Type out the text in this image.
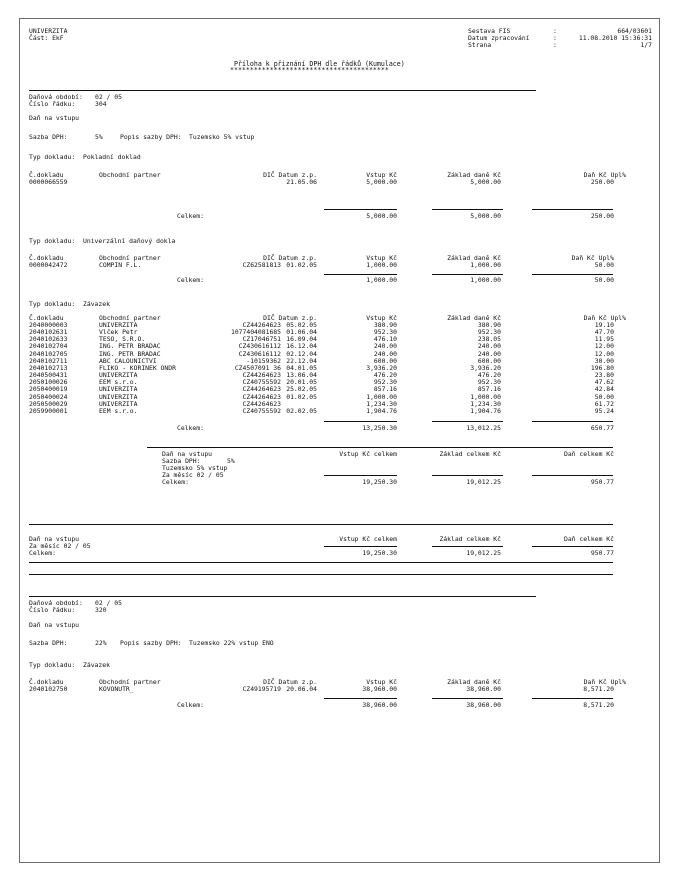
UNIVERZITA
Část: EkF
Sestava FIS	:	664/03601
Datum zpracování	:	11.08.2010 15:36:31
Strana	:	1/7
Příloha k přiznání DPH dle řádků (Kumulace)
****************************************
Daňová období: 02 / 05
Číslo řádku:	304
Daň na vstupu
Sazba DPH:	5%	Popis sazby DPH: Tuzemsko 5% vstup
Typ dokladu: Pokladní doklad
Č.dokladu	Obchodní partner	DIČ Datum z.p.	Vstup Kč	Základ daně Kč	Daň Kč Upl%
0000066559	21.05.06	5,000.00	5,000.00	250.00
Celkem:	5,000.00	5,000.00	250.00
Typ dokladu: Univerzální daňový dokla
Č.dokladu	Obchodní partner	DIČ Datum z.p.	Vstup Kč	Základ daně Kč	Daň Kč Upl%
0000042472	COMPIN F.L.	CZ62581813 01.02.05	1,000.00	1,000.00	50.00
Celkem:	1,000.00	1,000.00	50.00
Typ dokladu: Závazek
Č.dokladu	Obchodní partner	DIČ Datum z.p.	Vstup Kč	Základ daně Kč	Daň Kč Upl%
2040000003	UNIVERZITA	CZ44264623 05.02.05	380.90	380.90	19.10
2040102631	Vlček Petr	1077404081685 01.06.04	952.30	952.30	47.70
2040102633	TESO, S.R.O.	CZ17046751 16.09.04	476.10	238.05	11.95
2040102704	ING. PETR BRADAC	CZ430616112 16.12.04	240.00	240.00	12.00
2040102705	ING. PETR BRADAC	CZ430616112 02.12.04	240.00	240.00	12.00
2040102711	ABC CALOUNICTVI	-10159362 22.12.04	600.00	600.00	30.00
2040102713	FLIKO - KORINEK ONDR	CZ4507091 36 04.01.05	3,936.20	3,936.20	196.80
2040500431	UNIVERZITA	CZ44264623 13.06.04	476.20	476.20	23.80
2050100026	EEM s.r.o.	CZ40755592 20.01.05	952.30	952.30	47.62
2050400019	UNIVERZITA	CZ44264623 25.02.05	857.16	857.16	42.84
2050400024	UNIVERZITA	CZ44264623 01.02.05	1,000.00	1,000.00	50.00
2050500029	UNIVERZITA	CZ44264623	1,234.30	1,234.30	61.72
2059900001	EEM s.r.o.	CZ40755592 02.02.05	1,904.76	1,904.76	95.24
Celkem:	13,250.30	13,012.25	650.77
Daň na vstupu
Sazba DPH:	5%
Tuzemsko 5% vstup
Za měsíc 02 / 05
Celkem:
Vstup Kč celkem	Základ celkem Kč	Daň celkem Kč
19,250.30	19,012.25	950.77
Daň na vstupu
Za měsíc 02 / 05
Celkem:
Vstup Kč celkem	Základ celkem Kč	Daň celkem Kč
19,250.30	19,012.25	950.77
Daňová období: 02 / 05
Číslo řádku:	320
Daň na vstupu
Sazba DPH:	22% Popis sazby DPH: Tuzemsko 22% vstup ENO
Typ dokladu: Závazek
Č.dokladu	Obchodní partner	DIČ Datum z.p.	Vstup Kč	Základ daně Kč	Daň Kč Upl%
2040102750	KOVONUTR_	CZ49195719 20.06.04	38,960.00	38,960.00	8,571.20
Celkem:	38,960.00	38,960.00	8,571.20
